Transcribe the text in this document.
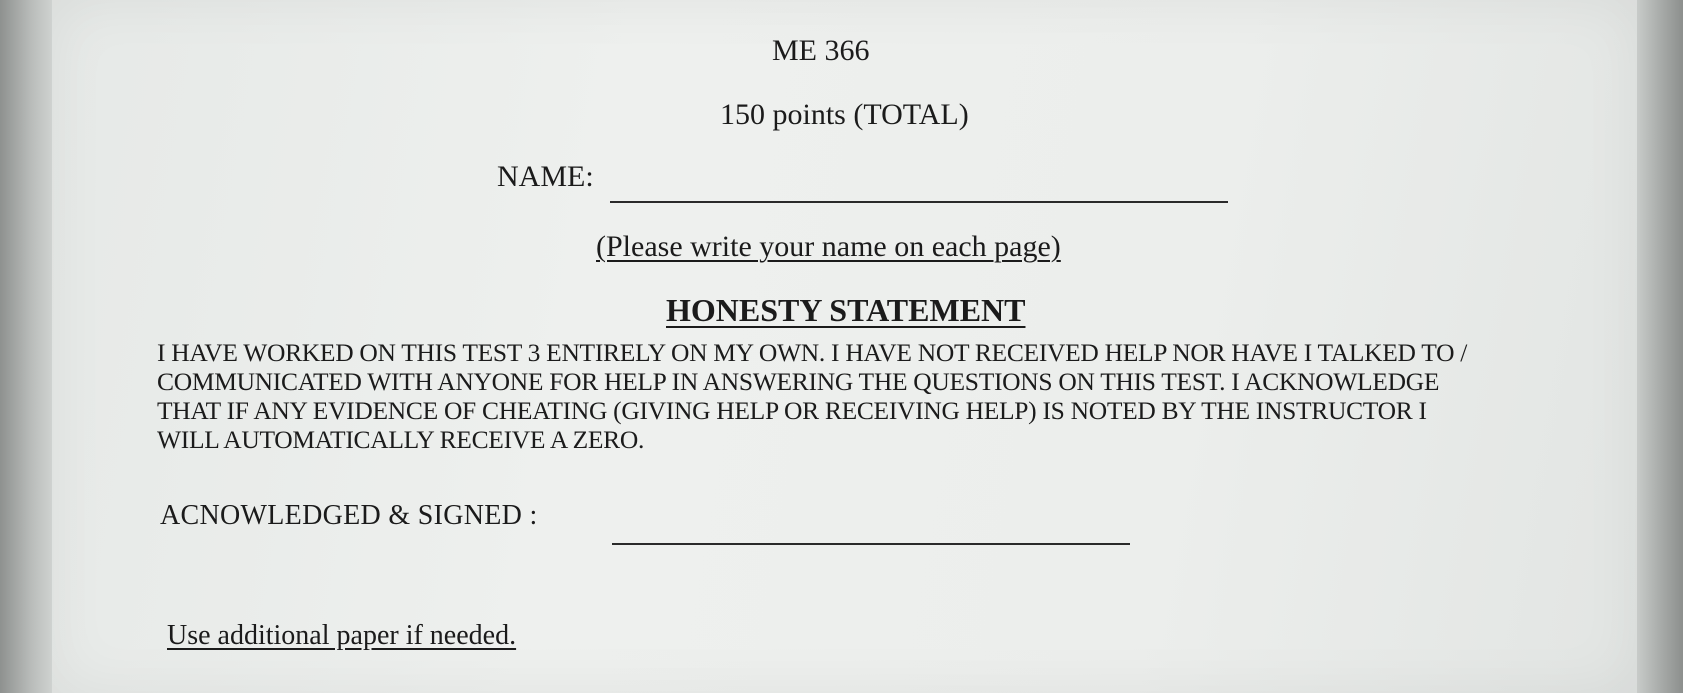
ME 366
150 points (TOTAL)
NAME:
(Please write your name on each page)
HONESTY STATEMENT
I HAVE WORKED ON THIS TEST 3 ENTIRELY ON MY OWN. I HAVE NOT RECEIVED HELP NOR HAVE I TALKED TO /
COMMUNICATED WITH ANYONE FOR HELP IN ANSWERING THE QUESTIONS ON THIS TEST. I ACKNOWLEDGE
THAT IF ANY EVIDENCE OF CHEATING (GIVING HELP OR RECEIVING HELP) IS NOTED BY THE INSTRUCTOR I
WILL AUTOMATICALLY RECEIVE A ZERO.
ACNOWLEDGED & SIGNED :
Use additional paper if needed.
